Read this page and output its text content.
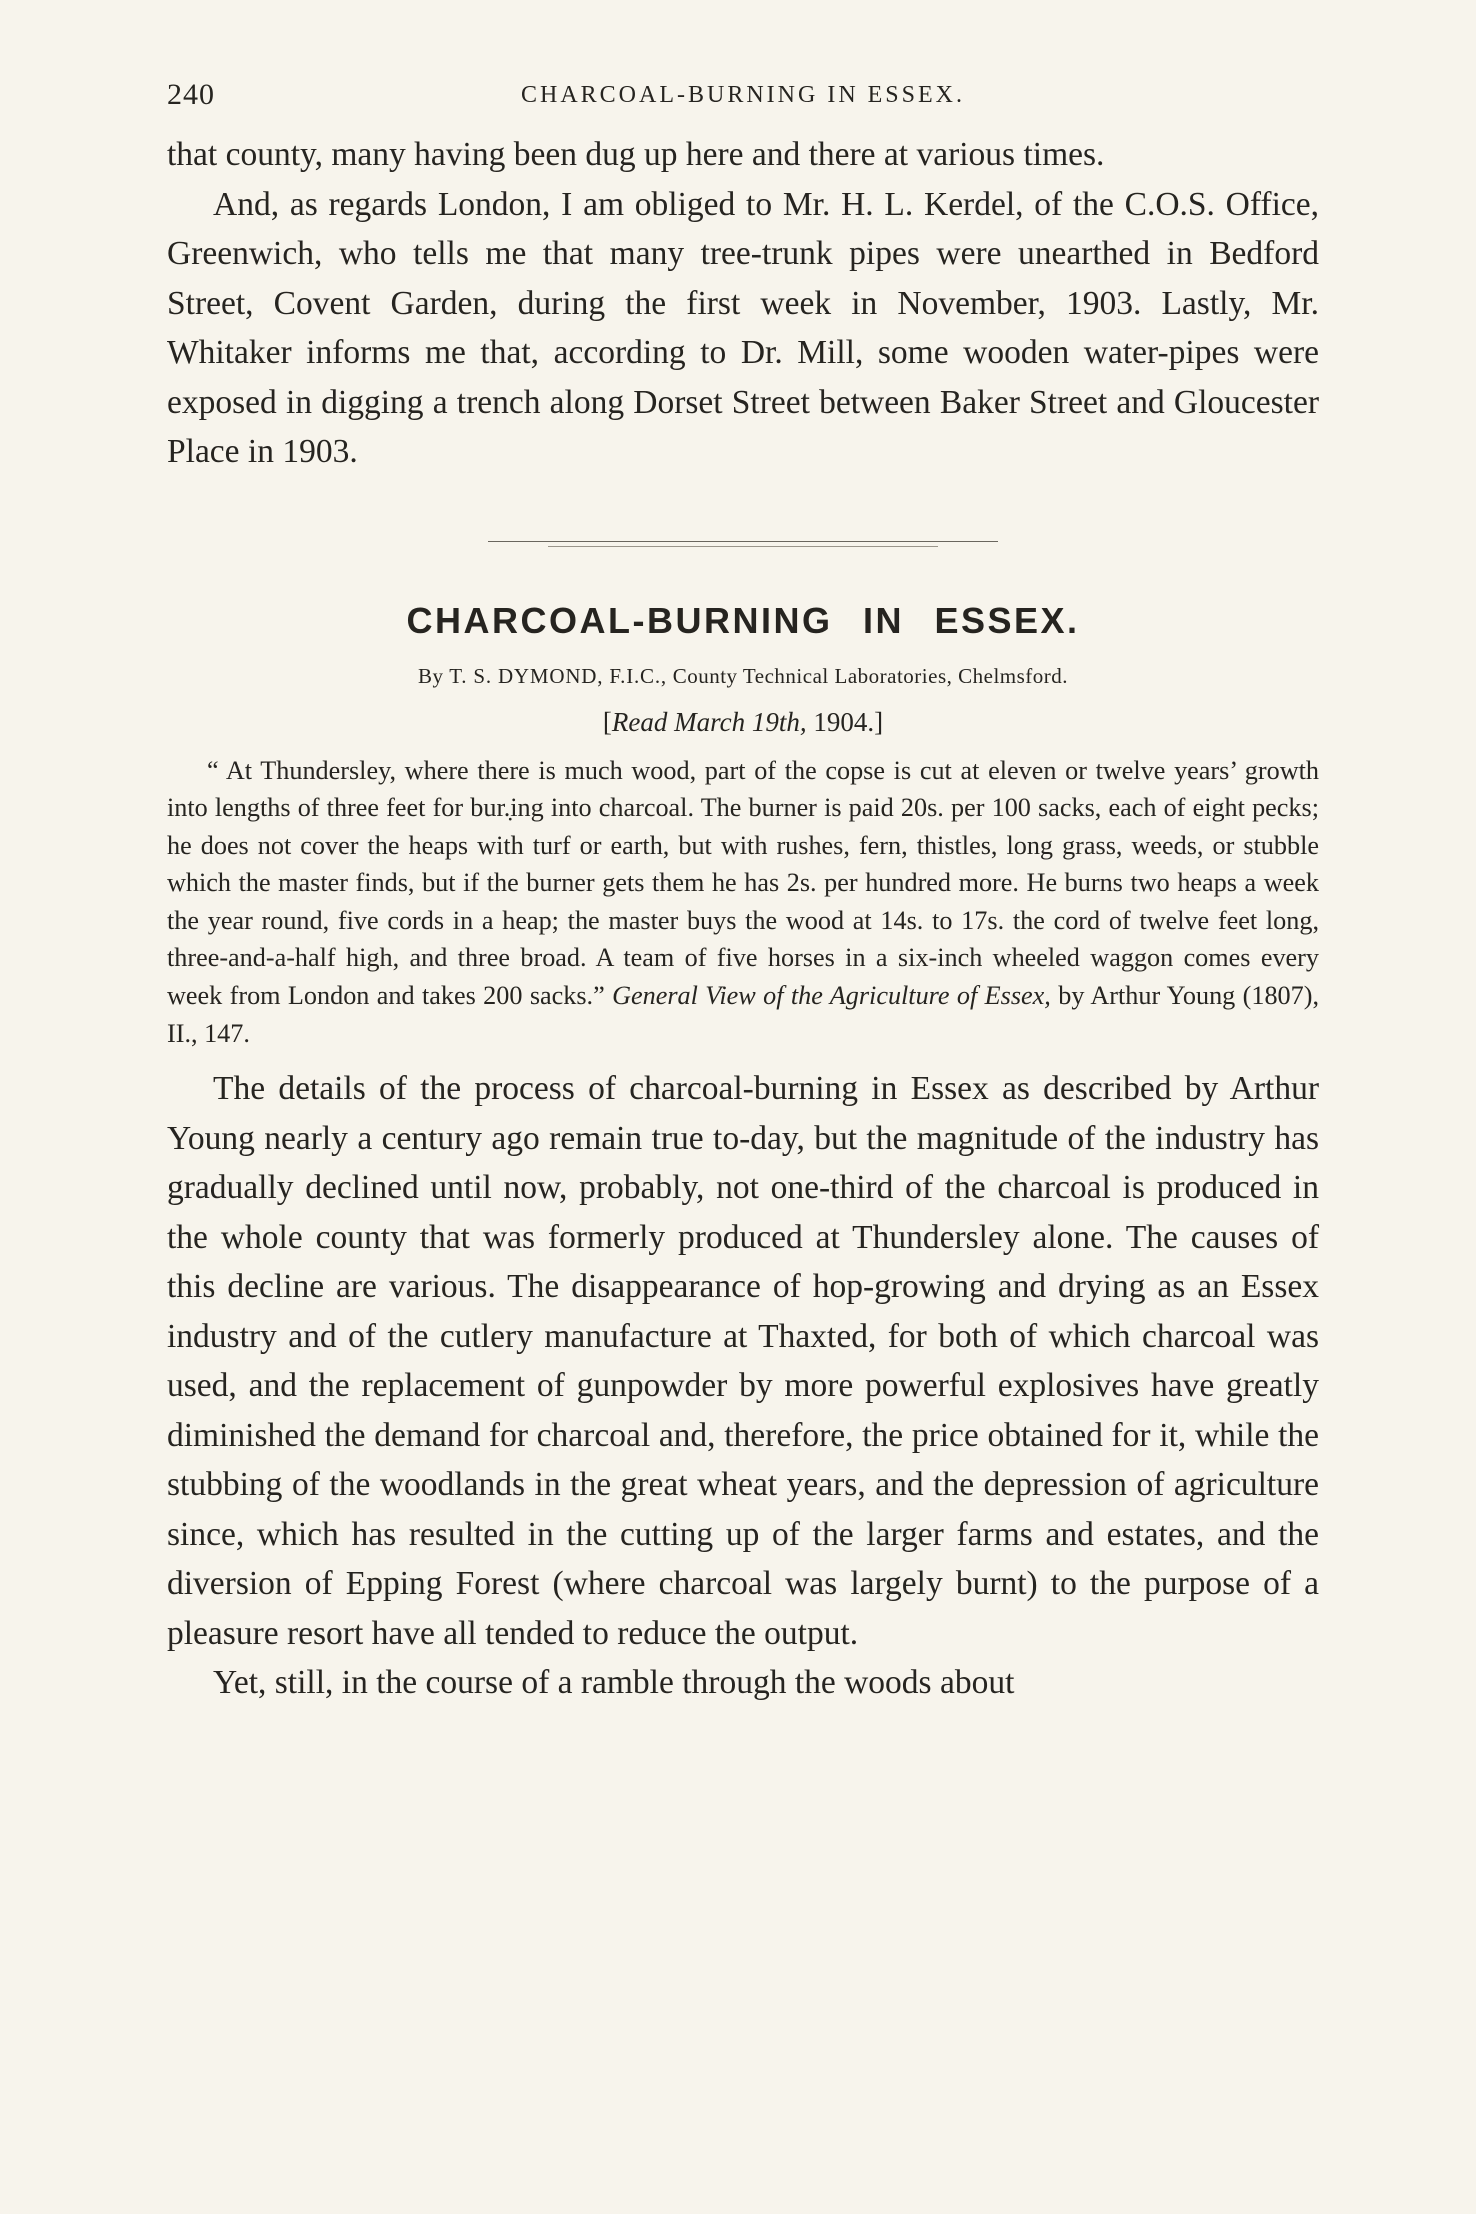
240	CHARCOAL-BURNING IN ESSEX.

that county, many having been dug up here and there at various times.

And, as regards London, I am obliged to Mr. H. L. Kerdel, of the C.O.S. Office, Greenwich, who tells me that many tree-trunk pipes were unearthed in Bedford Street, Covent Garden, during the first week in November, 1903. Lastly, Mr. Whitaker informs me that, according to Dr. Mill, some wooden water-pipes were exposed in digging a trench along Dorset Street between Baker Street and Gloucester Place in 1903.

CHARCOAL-BURNING IN ESSEX.
By T. S. DYMOND, F.I.C., County Technical Laboratories, Chelmsford.
[Read March 19th, 1904.]

“ At Thundersley, where there is much wood, part of the copse is cut at eleven or twelve years’ growth into lengths of three feet for bur.̣ing into charcoal. The burner is paid 20s. per 100 sacks, each of eight pecks; he does not cover the heaps with turf or earth, but with rushes, fern, thistles, long grass, weeds, or stubble which the master finds, but if the burner gets them he has 2s. per hundred more. He burns two heaps a week the year round, five cords in a heap; the master buys the wood at 14s. to 17s. the cord of twelve feet long, three-and-a-half high, and three broad. A team of five horses in a six-inch wheeled waggon comes every week from London and takes 200 sacks.” General View of the Agriculture of Essex, by Arthur Young (1807), II., 147.

The details of the process of charcoal-burning in Essex as described by Arthur Young nearly a century ago remain true to-day, but the magnitude of the industry has gradually declined until now, probably, not one-third of the charcoal is produced in the whole county that was formerly produced at Thundersley alone. The causes of this decline are various. The disappearance of hop-growing and drying as an Essex industry and of the cutlery manufacture at Thaxted, for both of which charcoal was used, and the replacement of gunpowder by more powerful explosives have greatly diminished the demand for charcoal and, therefore, the price obtained for it, while the stubbing of the woodlands in the great wheat years, and the depression of agriculture since, which has resulted in the cutting up of the larger farms and estates, and the diversion of Epping Forest (where charcoal was largely burnt) to the purpose of a pleasure resort have all tended to reduce the output.

Yet, still, in the course of a ramble through the woods about
